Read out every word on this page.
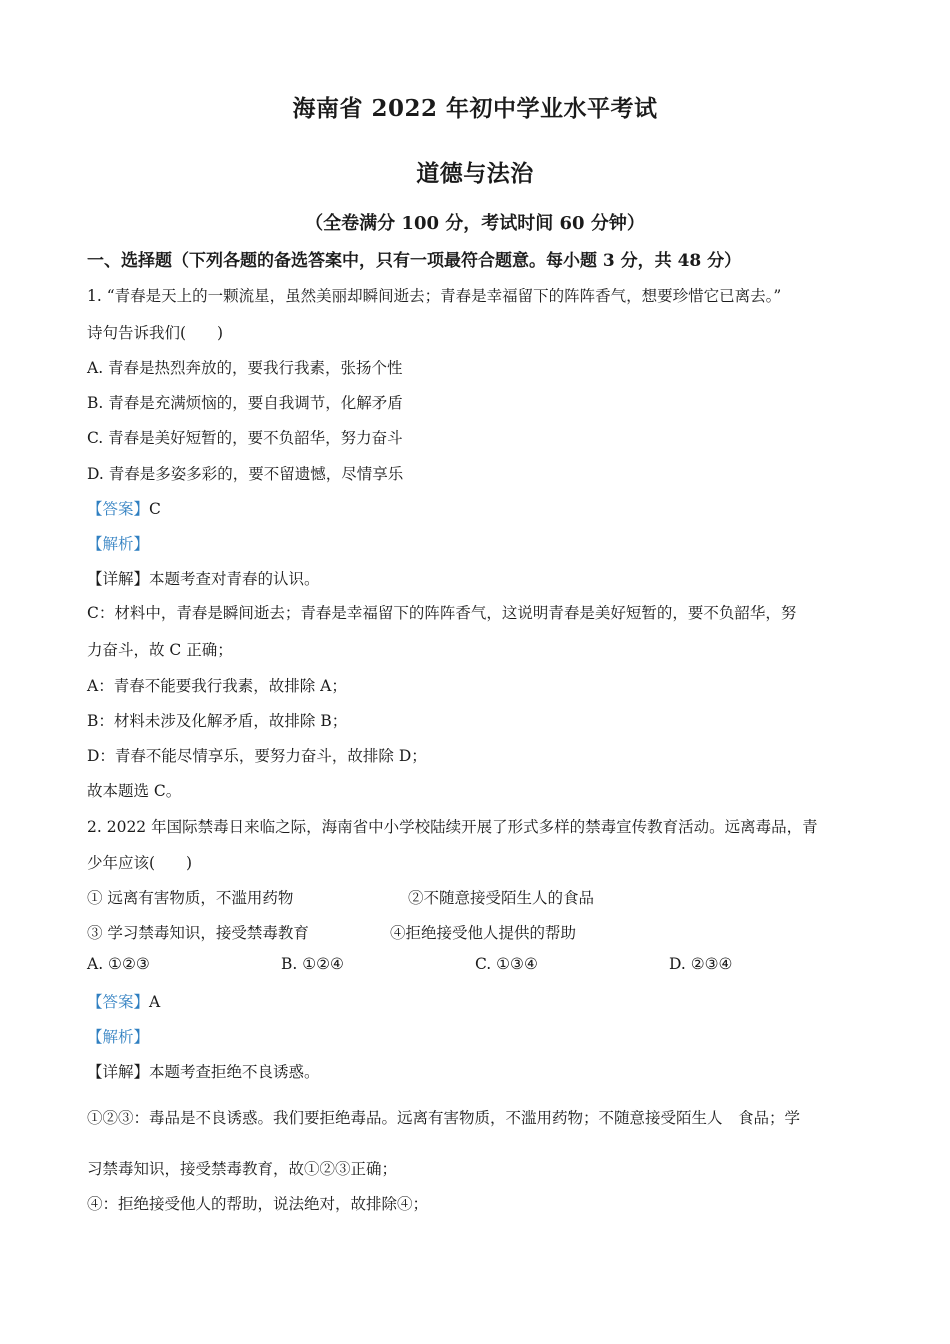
海南省 2022 年初中学业水平考试
道德与法治
（全卷满分 100 分，考试时间 60 分钟）
一、选择题（下列各题的备选答案中，只有一项最符合题意。每小题 3 分，共 48 分）
1. “青春是天上的一颗流星，虽然美丽却瞬间逝去；青春是幸福留下的阵阵香气，想要珍惜它已离去。”
诗句告诉我们(　　)
A. 青春是热烈奔放的，要我行我素，张扬个性
B. 青春是充满烦恼的，要自我调节，化解矛盾
C. 青春是美好短暂的，要不负韶华，努力奋斗
D. 青春是多姿多彩的，要不留遗憾，尽情享乐
【答案】C
【解析】
【详解】本题考查对青春的认识。
C：材料中，青春是瞬间逝去；青春是幸福留下的阵阵香气，这说明青春是美好短暂的，要不负韶华，努
力奋斗，故 C 正确；
A：青春不能要我行我素，故排除 A；
B：材料未涉及化解矛盾，故排除 B；
D：青春不能尽情享乐，要努力奋斗，故排除 D；
故本题选 C。
2. 2022 年国际禁毒日来临之际，海南省中小学校陆续开展了形式多样的禁毒宣传教育活动。远离毒品，青
少年应该(　　)
① 远离有害物质，不滥用药物	②不随意接受陌生人的食品
③ 学习禁毒知识，接受禁毒教育	④拒绝接受他人提供的帮助
A. ①②③	B. ①②④	C. ①③④	D. ②③④
【答案】A
【解析】
【详解】本题考查拒绝不良诱惑。
①②③：毒品是不良诱惑。我们要拒绝毒品。远离有害物质，不滥用药物；不随意接受陌生人　食品；学
习禁毒知识，接受禁毒教育，故①②③正确；
④：拒绝接受他人的帮助，说法绝对，故排除④；
